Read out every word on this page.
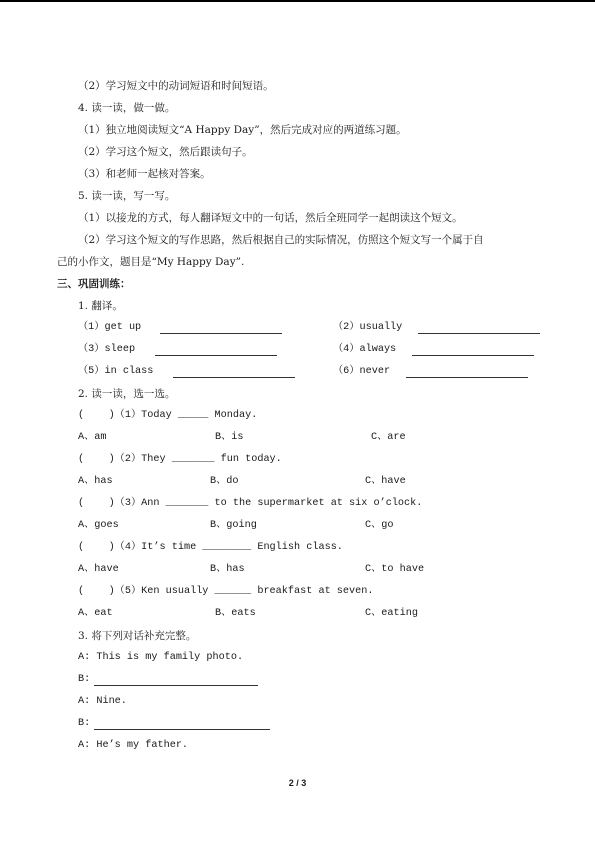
（2）学习短文中的动词短语和时间短语。
4. 读一读，做一做。
（1）独立地阅读短文“A Happy Day”，然后完成对应的两道练习题。
（2）学习这个短文，然后跟读句子。
（3）和老师一起核对答案。
5. 读一读，写一写。
（1）以接龙的方式，每人翻译短文中的一句话，然后全班同学一起朗读这个短文。
（2）学习这个短文的写作思路，然后根据自己的实际情况，仿照这个短文写一个属于自
己的小作文，题目是“My Happy Day”.
三、巩固训练：
1. 翻译。
（1）get up	（2）usually
（3）sleep	（4）always
（5）in class	（6）never
2. 读一读，选一选。
(    )（1）Today _____ Monday.
A、am	B、is	C、are
(    )（2）They _______ fun today.
A、has	B、do	C、have
(    )（3）Ann _______ to the supermarket at six o’clock.
A、goes	B、going	C、go
(    )（4）It’s time ________ English class.
A、have	B、has	C、to have
(    )（5）Ken usually ______ breakfast at seven.
A、eat	B、eats	C、eating
3. 将下列对话补充完整。
A: This is my family photo.
B:
A: Nine.
B:
A: He’s my father.
2 / 3
